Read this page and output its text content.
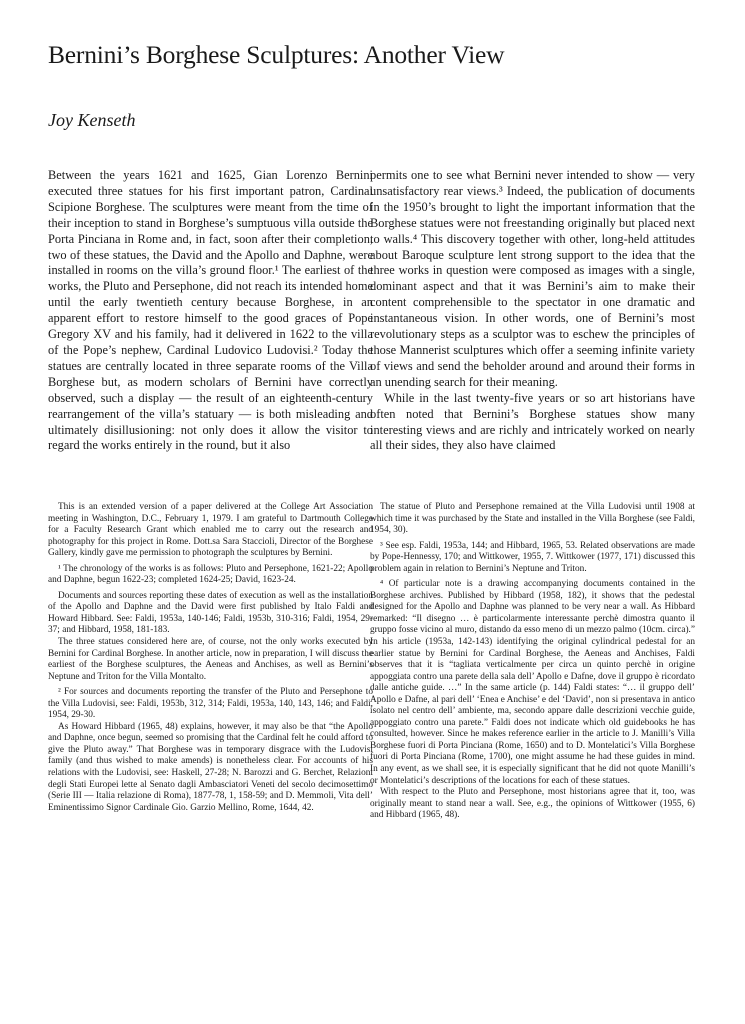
Bernini’s Borghese Sculptures: Another View
Joy Kenseth

Between the years 1621 and 1625, Gian Lorenzo Bernini executed three statues for his first important patron, Cardinal Scipione Borghese. The sculptures were meant from the time of their inception to stand in Borghese’s sumptuous villa outside the Porta Pinciana in Rome and, in fact, soon after their completion, two of these statues, the David and the Apollo and Daphne, were installed in rooms on the villa’s ground floor.¹ The earliest of the works, the Pluto and Persephone, did not reach its intended home until the early twentieth century because Borghese, in an apparent effort to restore himself to the good graces of Pope Gregory XV and his family, had it delivered in 1622 to the villa of the Pope’s nephew, Cardinal Ludovico Ludovisi.² Today the statues are centrally located in three separate rooms of the Villa Borghese but, as modern scholars of Bernini have correctly observed, such a display — the result of an eighteenth-century rearrangement of the villa’s statuary — is both misleading and ultimately disillusioning: not only does it allow the visitor to regard the works entirely in the round, but it also

permits one to see what Bernini never intended to show — very unsatisfactory rear views.³ Indeed, the publication of documents in the 1950’s brought to light the important information that the Borghese statues were not freestanding originally but placed next to walls.⁴ This discovery together with other, long-held attitudes about Baroque sculpture lent strong support to the idea that the three works in question were composed as images with a single, dominant aspect and that it was Bernini’s aim to make their content comprehensible to the spectator in one dramatic and instantaneous vision. In other words, one of Bernini’s most revolutionary steps as a sculptor was to eschew the principles of those Mannerist sculptures which offer a seeming infinite variety of views and send the beholder around and around their forms in an unending search for their meaning.

While in the last twenty-five years or so art historians have often noted that Bernini’s Borghese statues show many interesting views and are richly and intricately worked on nearly all their sides, they also have claimed

This is an extended version of a paper delivered at the College Art Association meeting in Washington, D.C., February 1, 1979. I am grateful to Dartmouth College for a Faculty Research Grant which enabled me to carry out the research and photography for this project in Rome. Dott.sa Sara Staccioli, Director of the Borghese Gallery, kindly gave me permission to photograph the sculptures by Bernini.

¹ The chronology of the works is as follows: Pluto and Persephone, 1621-22; Apollo and Daphne, begun 1622-23; completed 1624-25; David, 1623-24.

Documents and sources reporting these dates of execution as well as the installation of the Apollo and Daphne and the David were first published by Italo Faldi and Howard Hibbard. See: Faldi, 1953a, 140-146; Faldi, 1953b, 310-316; Faldi, 1954, 29-37; and Hibbard, 1958, 181-183.

The three statues considered here are, of course, not the only works executed by Bernini for Cardinal Borghese. In another article, now in preparation, I will discuss the earliest of the Borghese sculptures, the Aeneas and Anchises, as well as Bernini’s Neptune and Triton for the Villa Montalto.

² For sources and documents reporting the transfer of the Pluto and Persephone to the Villa Ludovisi, see: Faldi, 1953b, 312, 314; Faldi, 1953a, 140, 143, 146; and Faldi, 1954, 29-30.

As Howard Hibbard (1965, 48) explains, however, it may also be that “the Apollo and Daphne, once begun, seemed so promising that the Cardinal felt he could afford to give the Pluto away.” That Borghese was in temporary disgrace with the Ludovisi family (and thus wished to make amends) is nonetheless clear. For accounts of his relations with the Ludovisi, see: Haskell, 27-28; N. Barozzi and G. Berchet, Relazioni degli Stati Europei lette al Senato dagli Ambasciatori Veneti del secolo decimosettimo (Serie III — Italia relazione di Roma), 1877-78, 1, 158-59; and D. Memmoli, Vita dell’ Eminentissimo Signor Cardinale Gio. Garzio Mellino, Rome, 1644, 42.

The statue of Pluto and Persephone remained at the Villa Ludovisi until 1908 at which time it was purchased by the State and installed in the Villa Borghese (see Faldi, 1954, 30).

³ See esp. Faldi, 1953a, 144; and Hibbard, 1965, 53. Related observations are made by Pope-Hennessy, 170; and Wittkower, 1955, 7. Wittkower (1977, 171) discussed this problem again in relation to Bernini’s Neptune and Triton.

⁴ Of particular note is a drawing accompanying documents contained in the Borghese archives. Published by Hibbard (1958, 182), it shows that the pedestal designed for the Apollo and Daphne was planned to be very near a wall. As Hibbard remarked: “Il disegno … è particolarmente interessante perchè dimostra quanto il gruppo fosse vicino al muro, distando da esso meno di un mezzo palmo (10cm. circa).” In his article (1953a, 142-143) identifying the original cylindrical pedestal for an earlier statue by Bernini for Cardinal Borghese, the Aeneas and Anchises, Faldi observes that it is “tagliata verticalmente per circa un quinto perchè in origine appoggiata contro una parete della sala dell’ Apollo e Dafne, dove il gruppo è ricordato dalle antiche guide. …” In the same article (p. 144) Faldi states: “… il gruppo dell’ Apollo e Dafne, al pari dell’ ‘Enea e Anchise’ e del ‘David’, non si presentava in antico isolato nel centro dell’ ambiente, ma, secondo appare dalle descrizioni vecchie guide, appoggiato contro una parete.” Faldi does not indicate which old guidebooks he has consulted, however. Since he makes reference earlier in the article to J. Manilli’s Villa Borghese fuori di Porta Pinciana (Rome, 1650) and to D. Montelatici’s Villa Borghese fuori di Porta Pinciana (Rome, 1700), one might assume he had these guides in mind. In any event, as we shall see, it is especially significant that he did not quote Manilli’s or Montelatici’s descriptions of the locations for each of these statues.

With respect to the Pluto and Persephone, most historians agree that it, too, was originally meant to stand near a wall. See, e.g., the opinions of Wittkower (1955, 6) and Hibbard (1965, 48).
